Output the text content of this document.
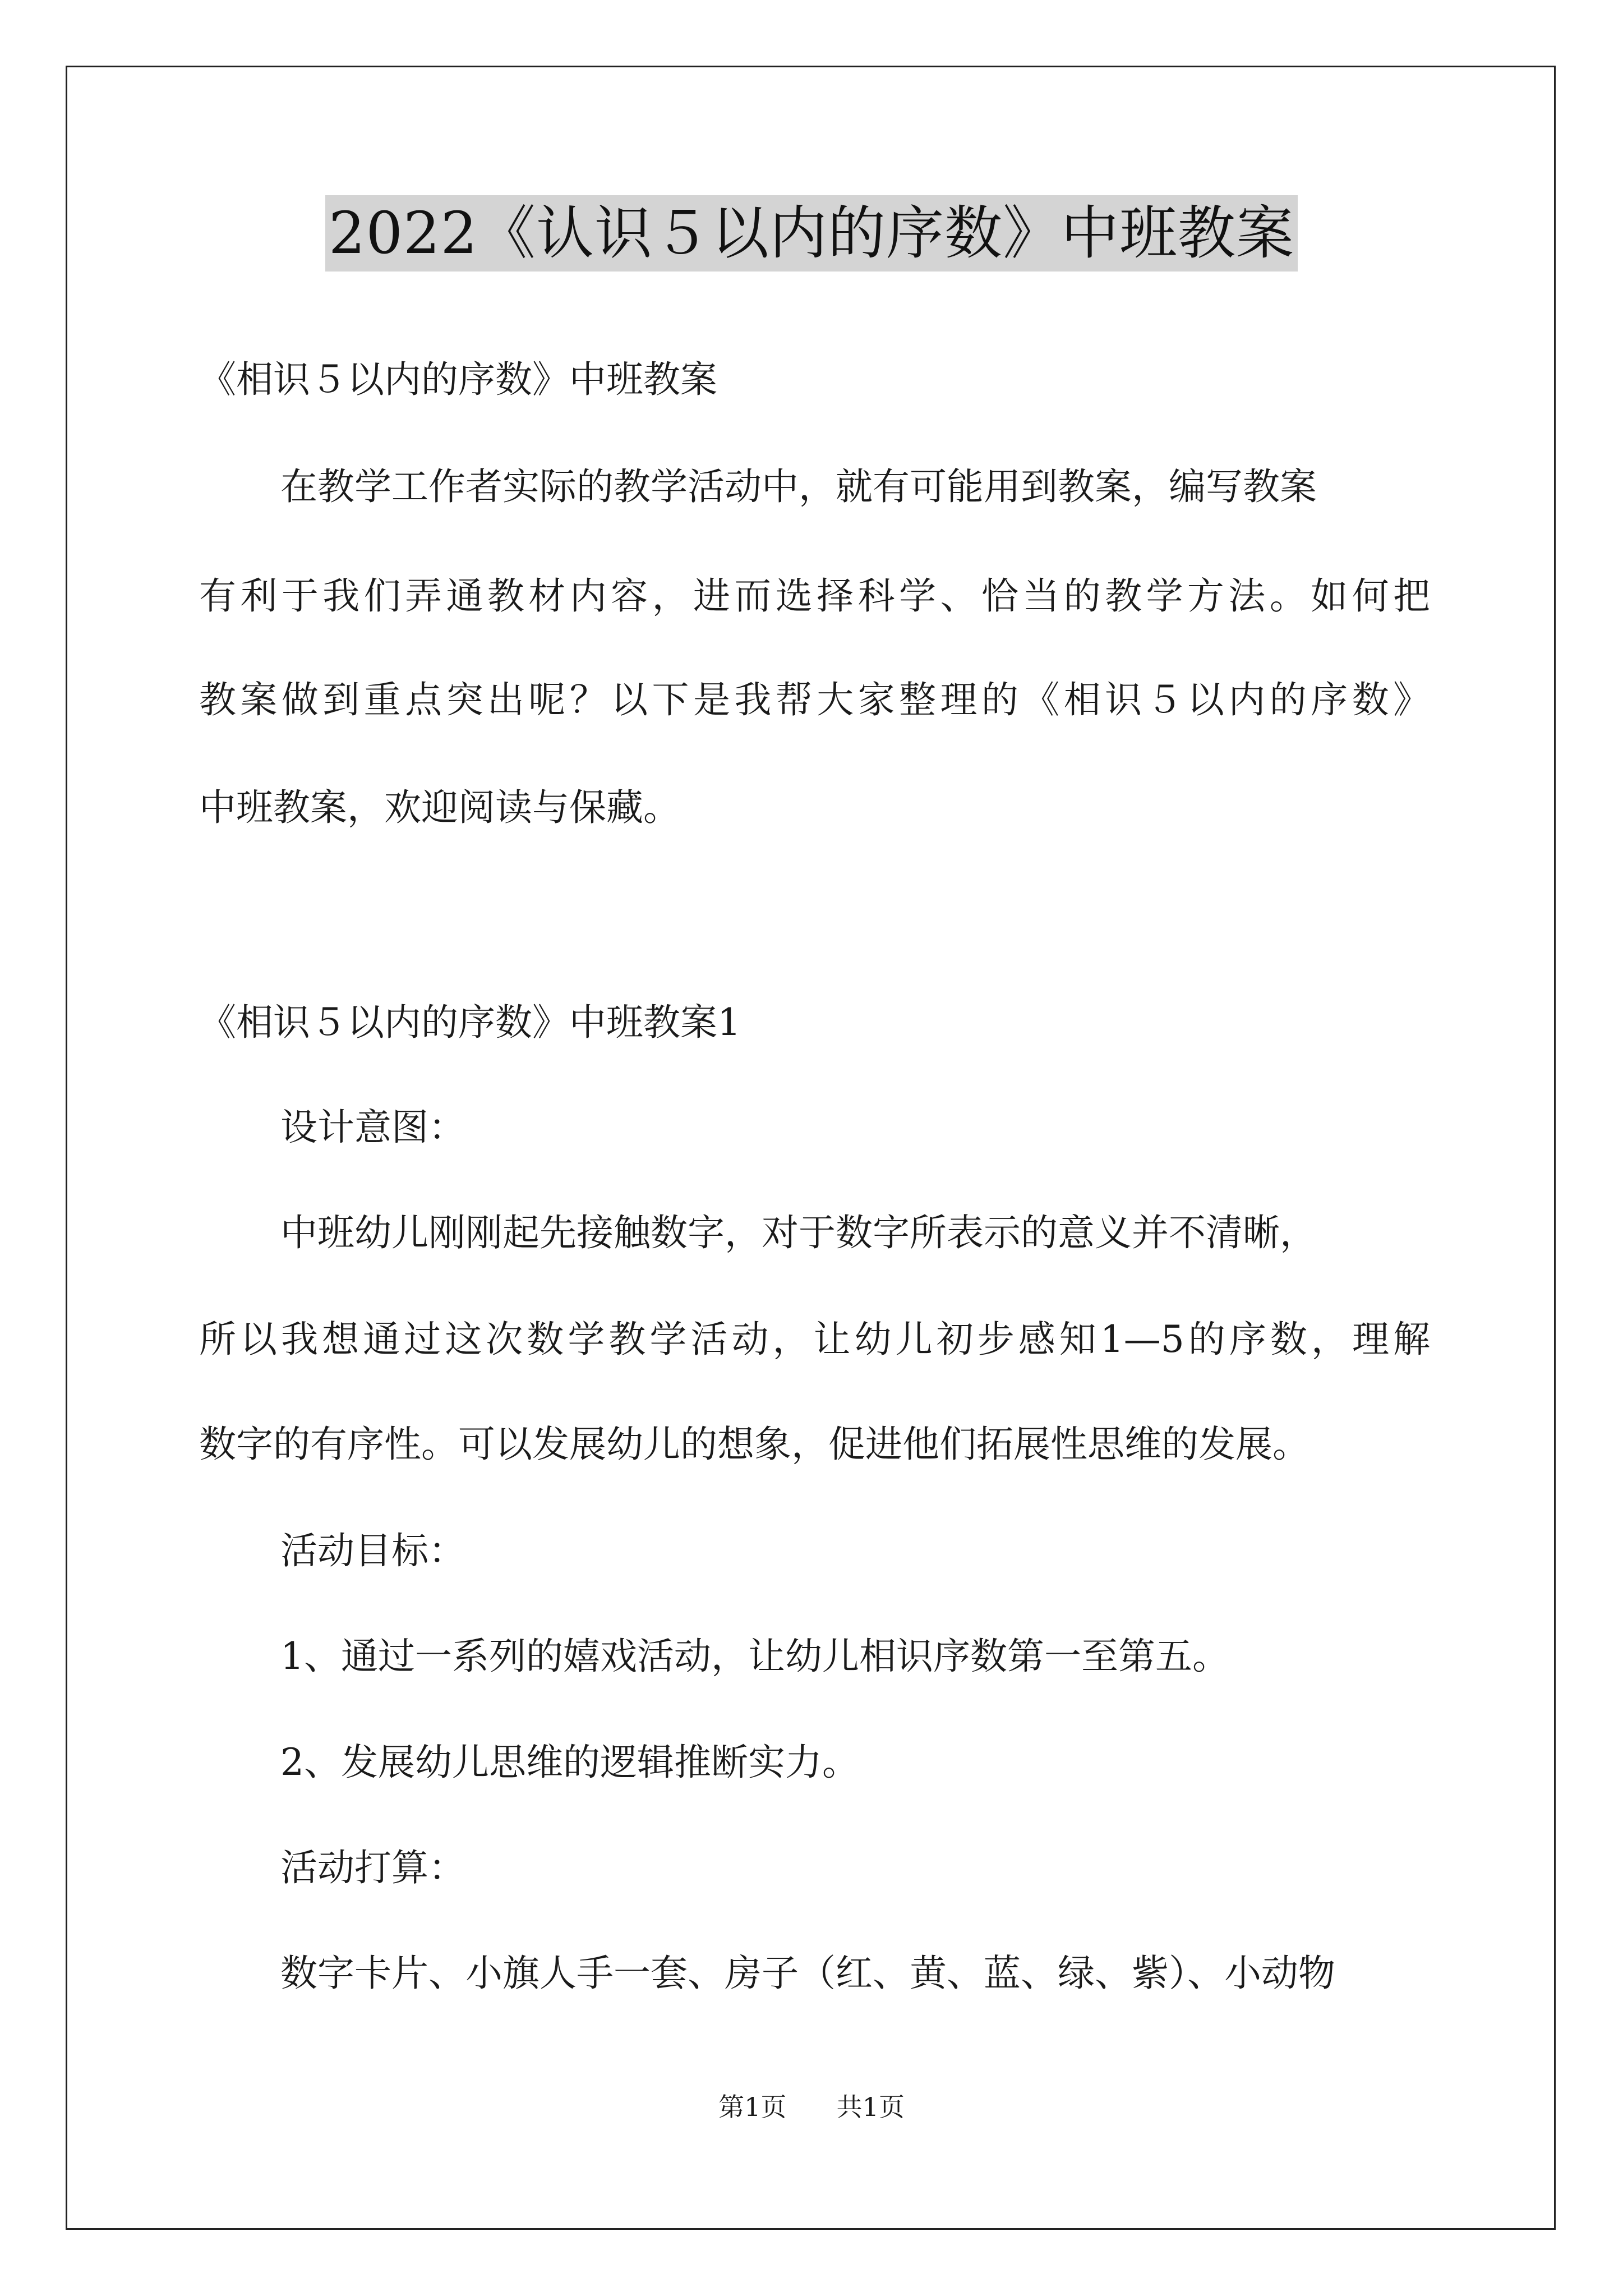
2022《认识５以内的序数》中班教案
《相识５以内的序数》中班教案
在教学工作者实际的教学活动中，就有可能用到教案，编写教案
有利于我们弄通教材内容，进而选择科学、恰当的教学方法。如何把
教案做到重点突出呢？以下是我帮大家整理的《相识５以内的序数》
中班教案，欢迎阅读与保藏。
《相识５以内的序数》中班教案1
设计意图：
中班幼儿刚刚起先接触数字，对于数字所表示的意义并不清晰，
所以我想通过这次数学教学活动，让幼儿初步感知1—5的序数，理解
数字的有序性。可以发展幼儿的想象，促进他们拓展性思维的发展。
活动目标：
1、通过一系列的嬉戏活动，让幼儿相识序数第一至第五。
2、发展幼儿思维的逻辑推断实力。
活动打算：
数字卡片、小旗人手一套、房子（红、黄、蓝、绿、紫）、小动物
第1页 共1页
